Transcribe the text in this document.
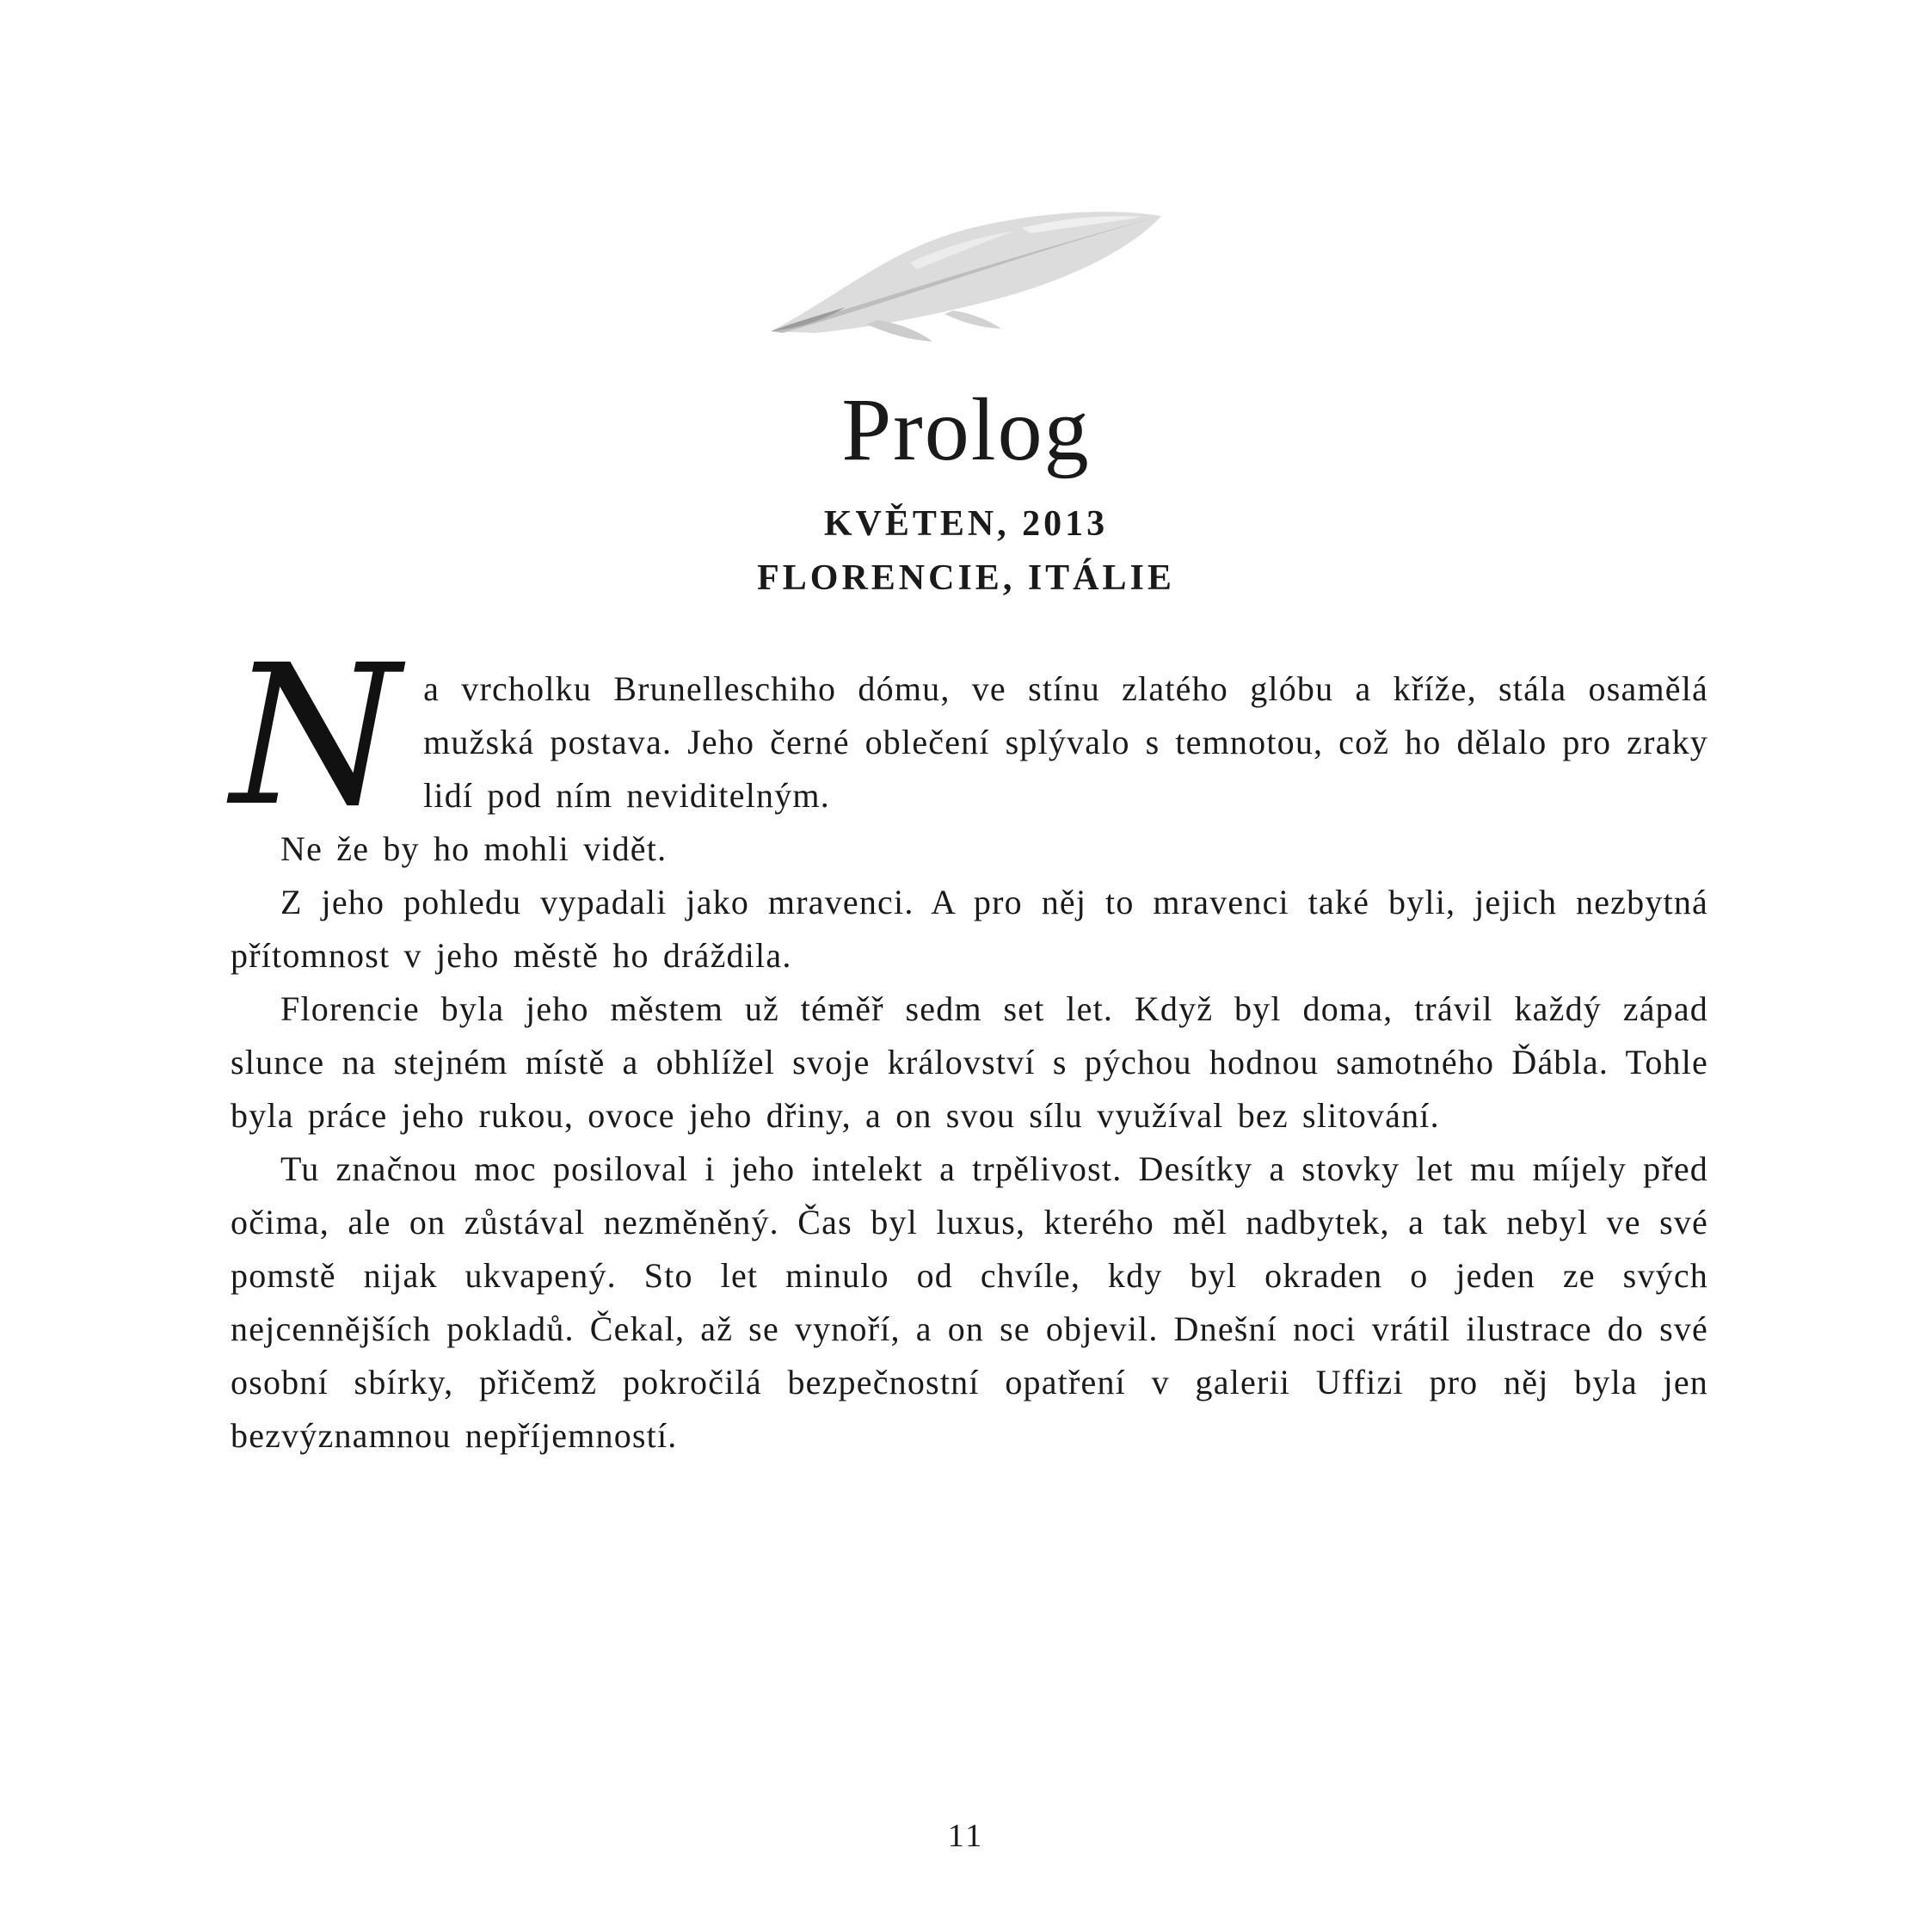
Prolog
KVĚTEN, 2013
FLORENCIE, ITÁLIE

N a vrcholku Brunelleschiho dómu, ve stínu zlatého glóbu a kříže, stála osamělá mužská postava. Jeho černé oblečení splývalo s temnotou, což ho dělalo pro zraky lidí pod ním neviditelným.

Ne že by ho mohli vidět.

Z jeho pohledu vypadali jako mravenci. A pro něj to mravenci také byli, jejich nezbytná přítomnost v jeho městě ho dráždila.

Florencie byla jeho městem už téměř sedm set let. Když byl doma, trávil každý západ slunce na stejném místě a obhlížel svoje království s pýchou hodnou samotného Ďábla. Tohle byla práce jeho rukou, ovoce jeho dřiny, a on svou sílu využíval bez slitování.

Tu značnou moc posiloval i jeho intelekt a trpělivost. Desítky a stovky let mu míjely před očima, ale on zůstával nezměněný. Čas byl luxus, kterého měl nadbytek, a tak nebyl ve své pomstě nijak ukvapený. Sto let minulo od chvíle, kdy byl okraden o jeden ze svých nejcennějších pokladů. Čekal, až se vynoří, a on se objevil. Dnešní noci vrátil ilustrace do své osobní sbírky, přičemž pokročilá bezpečnostní opatření v galerii Uffizi pro něj byla jen bezvýznamnou nepříjemností.

11
